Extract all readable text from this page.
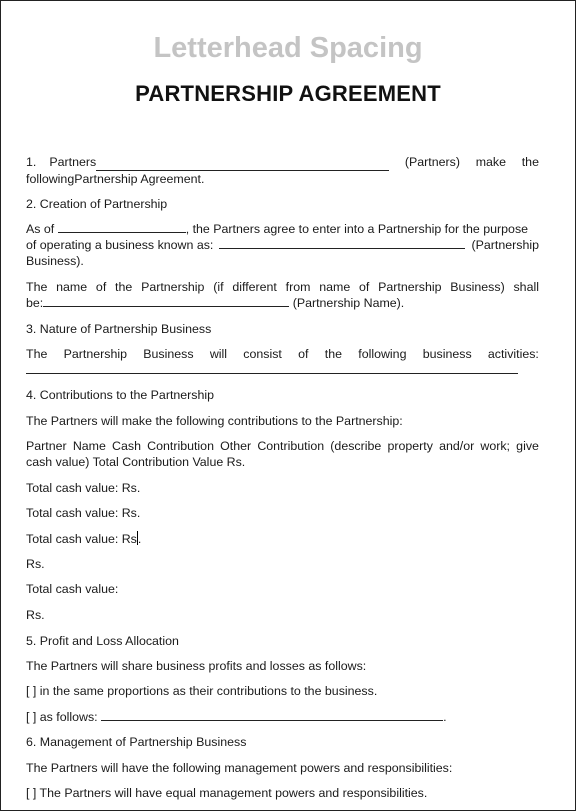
Letterhead Spacing
PARTNERSHIP AGREEMENT
1. Partners	(Partners) make the
followingPartnership Agreement.
2. Creation of Partnership
As of	, the Partners agree to enter into a Partnership for the purpose
of operating a business known as:	(Partnership
Business).
The name of the Partnership (if different from name of Partnership Business) shall
be:	(Partnership Name).
3. Nature of Partnership Business
The Partnership Business will consist of the following business activities:
4. Contributions to the Partnership
The Partners will make the following contributions to the Partnership:
Partner Name Cash Contribution Other Contribution (describe property and/or work; give
cash value) Total Contribution Value Rs.
Total cash value: Rs.
Total cash value: Rs.
Total cash value: Rs.
Rs.
Total cash value:
Rs.
5. Profit and Loss Allocation
The Partners will share business profits and losses as follows:
[ ] in the same proportions as their contributions to the business.
[ ] as follows:	.
6. Management of Partnership Business
The Partners will have the following management powers and responsibilities:
[ ] The Partners will have equal management powers and responsibilities.
